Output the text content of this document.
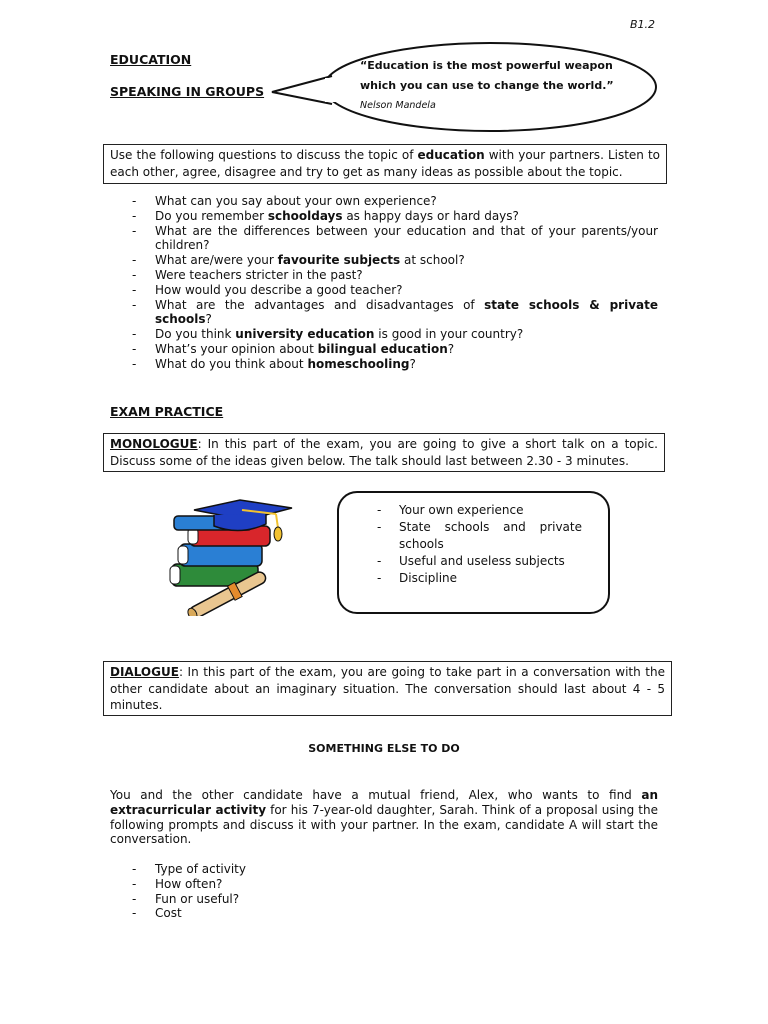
B1.2
EDUCATION
SPEAKING IN GROUPS
“Education is the most powerful weapon which you can use to change the world.” Nelson Mandela
Use the following questions to discuss the topic of education with your partners. Listen to each other, agree, disagree and try to get as many ideas as possible about the topic.
- What can you say about your own experience?
- Do you remember schooldays as happy days or hard days?
- What are the differences between your education and that of your parents/your children?
- What are/were your favourite subjects at school?
- Were teachers stricter in the past?
- How would you describe a good teacher?
- What are the advantages and disadvantages of state schools & private schools?
- Do you think university education is good in your country?
- What’s your opinion about bilingual education?
- What do you think about homeschooling?
EXAM PRACTICE
MONOLOGUE: In this part of the exam, you are going to give a short talk on a topic. Discuss some of the ideas given below. The talk should last between 2.30 - 3 minutes.
- Your own experience
- State schools and private schools
- Useful and useless subjects
- Discipline
DIALOGUE: In this part of the exam, you are going to take part in a conversation with the other candidate about an imaginary situation. The conversation should last about 4 - 5 minutes.
SOMETHING ELSE TO DO
You and the other candidate have a mutual friend, Alex, who wants to find an extracurricular activity for his 7-year-old daughter, Sarah. Think of a proposal using the following prompts and discuss it with your partner. In the exam, candidate A will start the conversation.
- Type of activity
- How often?
- Fun or useful?
- Cost
